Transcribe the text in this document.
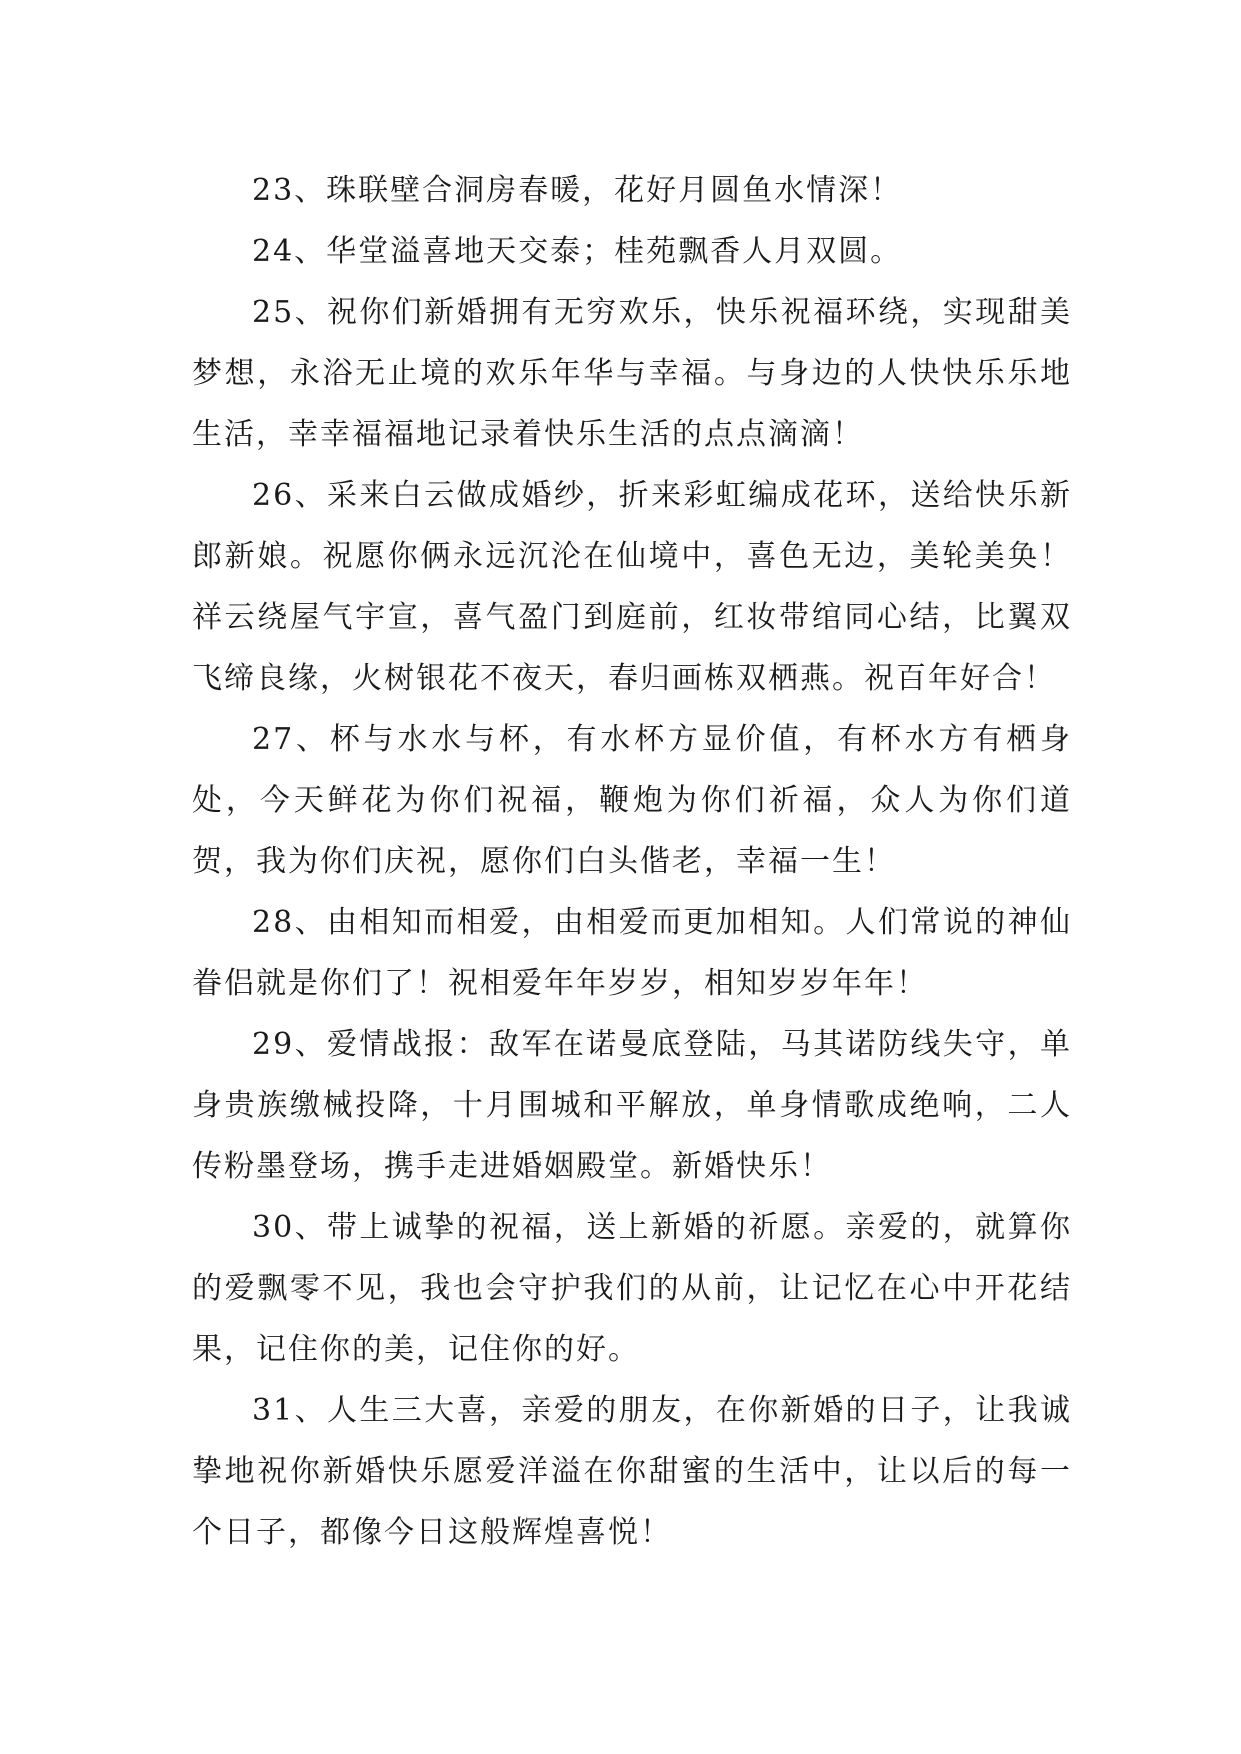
23、珠联壁合洞房春暖，花好月圆鱼水情深！

24、华堂溢喜地天交泰；桂苑飘香人月双圆。

25、祝你们新婚拥有无穷欢乐，快乐祝福环绕，实现甜美梦想，永浴无止境的欢乐年华与幸福。与身边的人快快乐乐地生活，幸幸福福地记录着快乐生活的点点滴滴！

26、采来白云做成婚纱，折来彩虹编成花环，送给快乐新郎新娘。祝愿你俩永远沉沦在仙境中，喜色无边，美轮美奂！祥云绕屋气宇宣，喜气盈门到庭前，红妆带绾同心结，比翼双飞缔良缘，火树银花不夜天，春归画栋双栖燕。祝百年好合！

27、杯与水水与杯，有水杯方显价值，有杯水方有栖身处，今天鲜花为你们祝福，鞭炮为你们祈福，众人为你们道贺，我为你们庆祝，愿你们白头偕老，幸福一生！

28、由相知而相爱，由相爱而更加相知。人们常说的神仙眷侣就是你们了！祝相爱年年岁岁，相知岁岁年年！

29、爱情战报：敌军在诺曼底登陆，马其诺防线失守，单身贵族缴械投降，十月围城和平解放，单身情歌成绝响，二人传粉墨登场，携手走进婚姻殿堂。新婚快乐！

30、带上诚挚的祝福，送上新婚的祈愿。亲爱的，就算你的爱飘零不见，我也会守护我们的从前，让记忆在心中开花结果，记住你的美，记住你的好。

31、人生三大喜，亲爱的朋友，在你新婚的日子，让我诚挚地祝你新婚快乐愿爱洋溢在你甜蜜的生活中，让以后的每一个日子，都像今日这般辉煌喜悦！
